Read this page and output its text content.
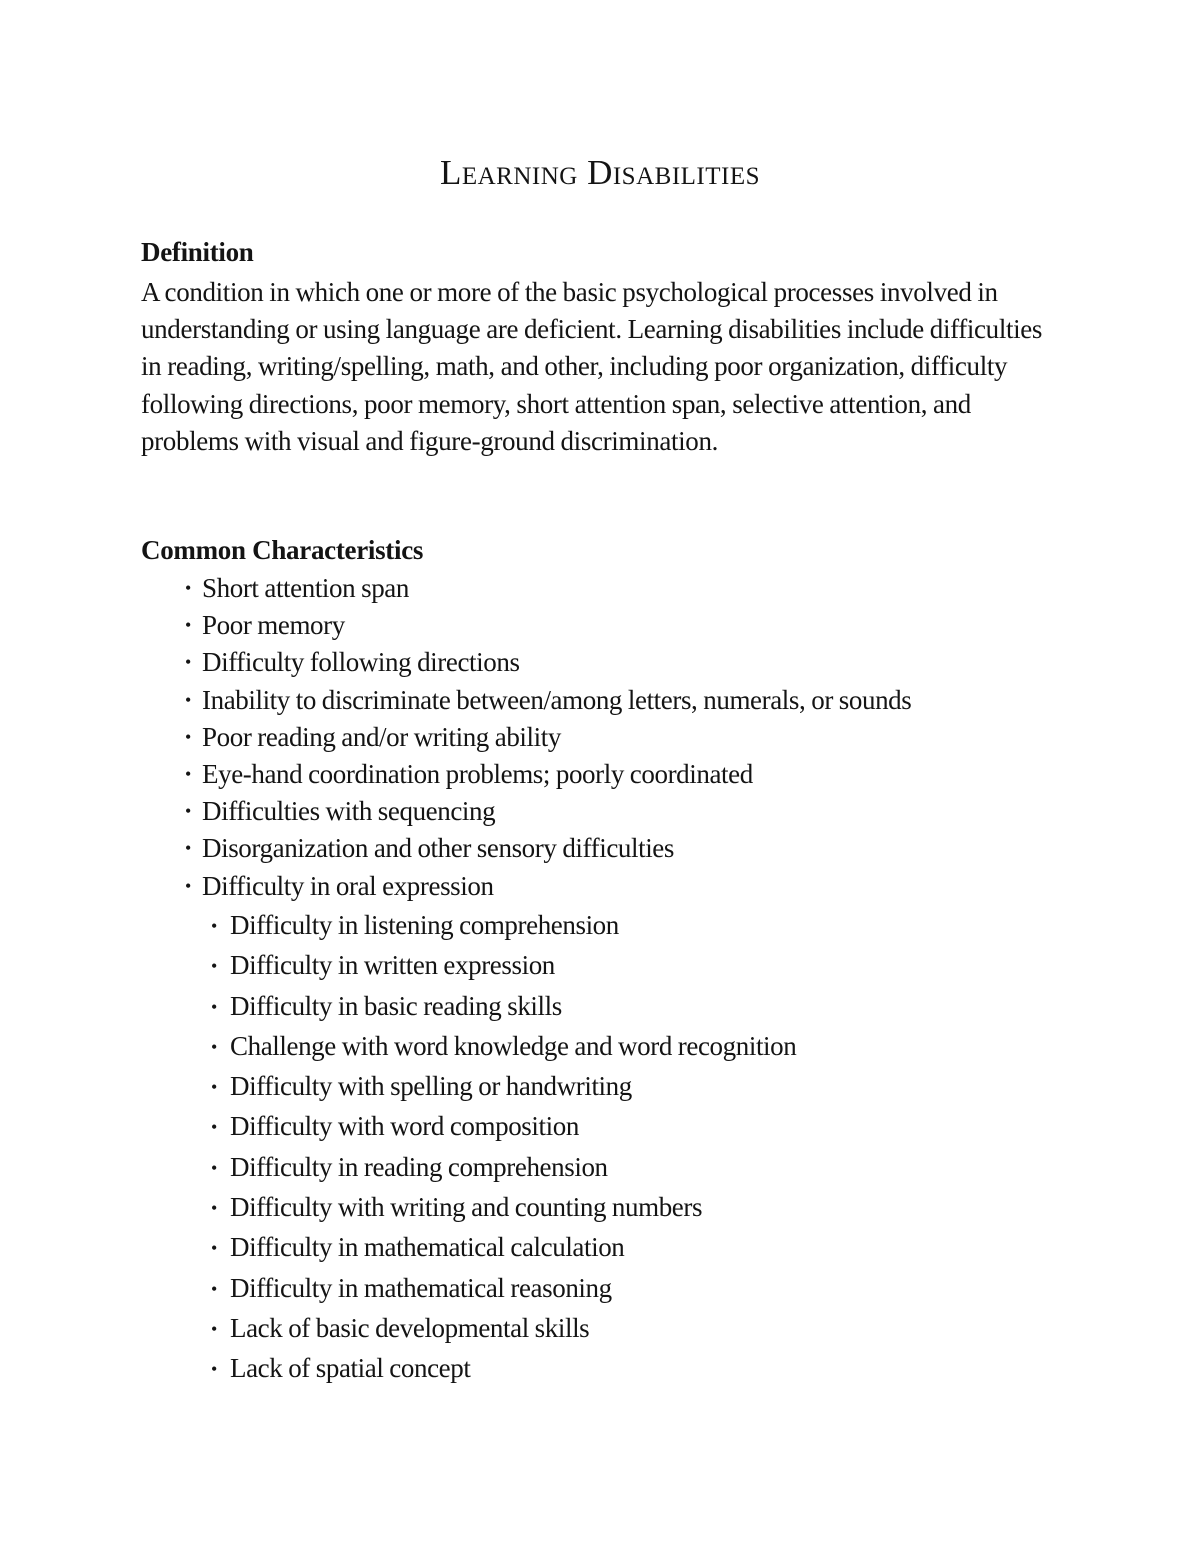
Learning Disabilities
Definition

A condition in which one or more of the basic psychological processes involved in understanding or using language are deficient. Learning disabilities include difficulties in reading, writing/spelling, math, and other, including poor organization, difficulty following directions, poor memory, short attention span, selective attention, and problems with visual and figure-ground discrimination.

Common Characteristics
• Short attention span
• Poor memory
• Difficulty following directions
• Inability to discriminate between/among letters, numerals, or sounds
• Poor reading and/or writing ability
• Eye-hand coordination problems; poorly coordinated
• Difficulties with sequencing
• Disorganization and other sensory difficulties
• Difficulty in oral expression
• Difficulty in listening comprehension
• Difficulty in written expression
• Difficulty in basic reading skills
• Challenge with word knowledge and word recognition
• Difficulty with spelling or handwriting
• Difficulty with word composition
• Difficulty in reading comprehension
• Difficulty with writing and counting numbers
• Difficulty in mathematical calculation
• Difficulty in mathematical reasoning
• Lack of basic developmental skills
• Lack of spatial concept
